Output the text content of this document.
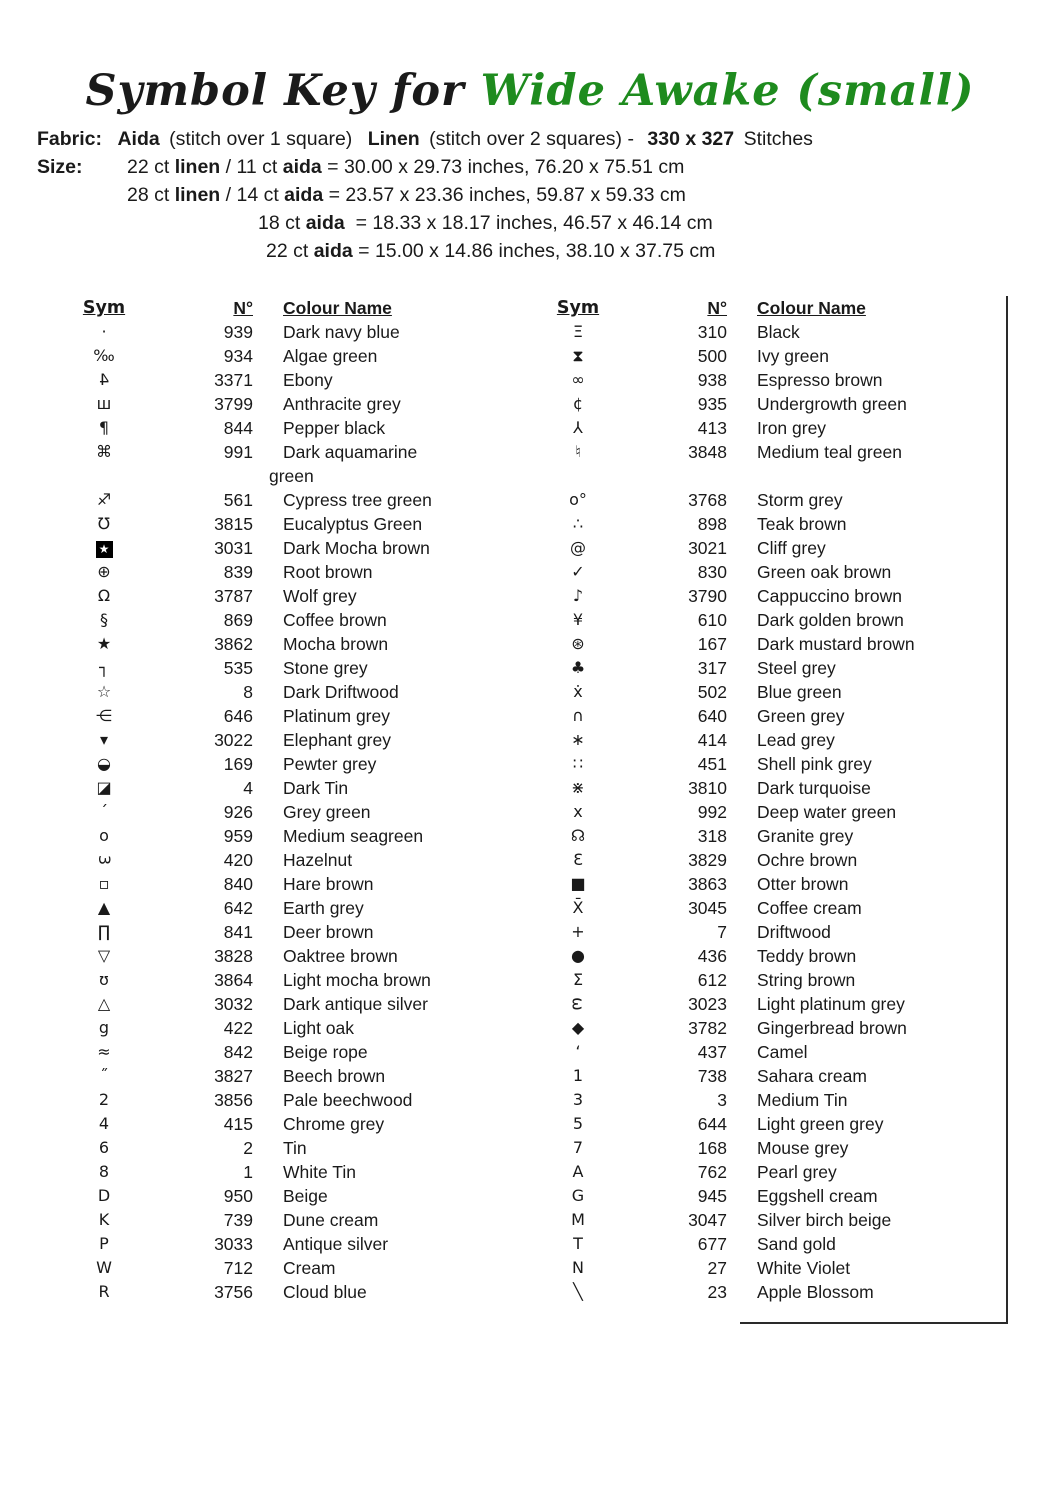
Symbol Key for Wide Awake (small)
Fabric: Aida (stitch over 1 square) Linen (stitch over 2 squares) - 330 x 327 Stitches
Size: 22 ct linen / 11 ct aida = 30.00 x 29.73 inches, 76.20 x 75.51 cm
28 ct linen / 14 ct aida = 23.57 x 23.36 inches, 59.87 x 59.33 cm
18 ct aida  = 18.33 x 18.17 inches, 46.57 x 46.14 cm
22 ct aida = 15.00 x 14.86 inches, 38.10 x 37.75 cm
Sym	N°	Colour Name
·	939	Dark navy blue
‰	934	Algae green
4	3371	Ebony
ш	3799	Anthracite grey
¶	844	Pepper black
⌘	991 Dark aquamarine
green
♐	561	Cypress tree green
℧	3815	Eucalyptus Green
★	3031	Dark Mocha brown
⊕	839	Root brown
Ω	3787	Wolf grey
§	869	Coffee brown
★	3862	Mocha brown
┐	535	Stone grey
☆	8	Dark Driftwood
⋲	646	Platinum grey
▾	3022	Elephant grey
◒	169	Pewter grey
◪	4	Dark Tin
´	926	Grey green
o	959	Medium seagreen
3	420	Hazelnut
▫	840	Hare brown
▲	642	Earth grey
∏	841	Deer brown
▽	3828	Oaktree brown
ʊ	3864	Light mocha brown
△	3032	Dark antique silver
g	422	Light oak
≈	842	Beige rope
˝	3827	Beech brown
2	3856	Pale beechwood
4	415	Chrome grey
6	2	Tin
8	1	White Tin
D	950	Beige
K	739	Dune cream
P	3033	Antique silver
W	712	Cream
R	3756	Cloud blue
Sym	N°	Colour Name
Ξ	310	Black
⧗	500	Ivy green
∞	938	Espresso brown
¢	935	Undergrowth green
⅄	413	Iron grey
♮	3848	Medium teal green
o°	3768	Storm grey
∴	898	Teak brown
@	3021	Cliff grey
✓	830	Green oak brown
♪	3790	Cappuccino brown
¥	610	Dark golden brown
⊛	167	Dark mustard brown
♣	317	Steel grey
ẋ	502	Blue green
∩	640	Green grey
∗	414	Lead grey
∷	451	Shell pink grey
⋇	3810	Dark turquoise
x	992	Deep water green
☊	318	Granite grey
Ɛ	3829	Ochre brown
■	3863	Otter brown
X̄	3045	Coffee cream
+	7	Driftwood
●	436	Teddy brown
Σ	612	String brown
ω	3023	Light platinum grey
◆	3782	Gingerbread brown
‘	437	Camel
1	738	Sahara cream
3	3	Medium Tin
5	644	Light green grey
7	168	Mouse grey
A	762	Pearl grey
G	945	Eggshell cream
M	3047	Silver birch beige
T	677	Sand gold
N	27	White Violet
╲	23	Apple Blossom
